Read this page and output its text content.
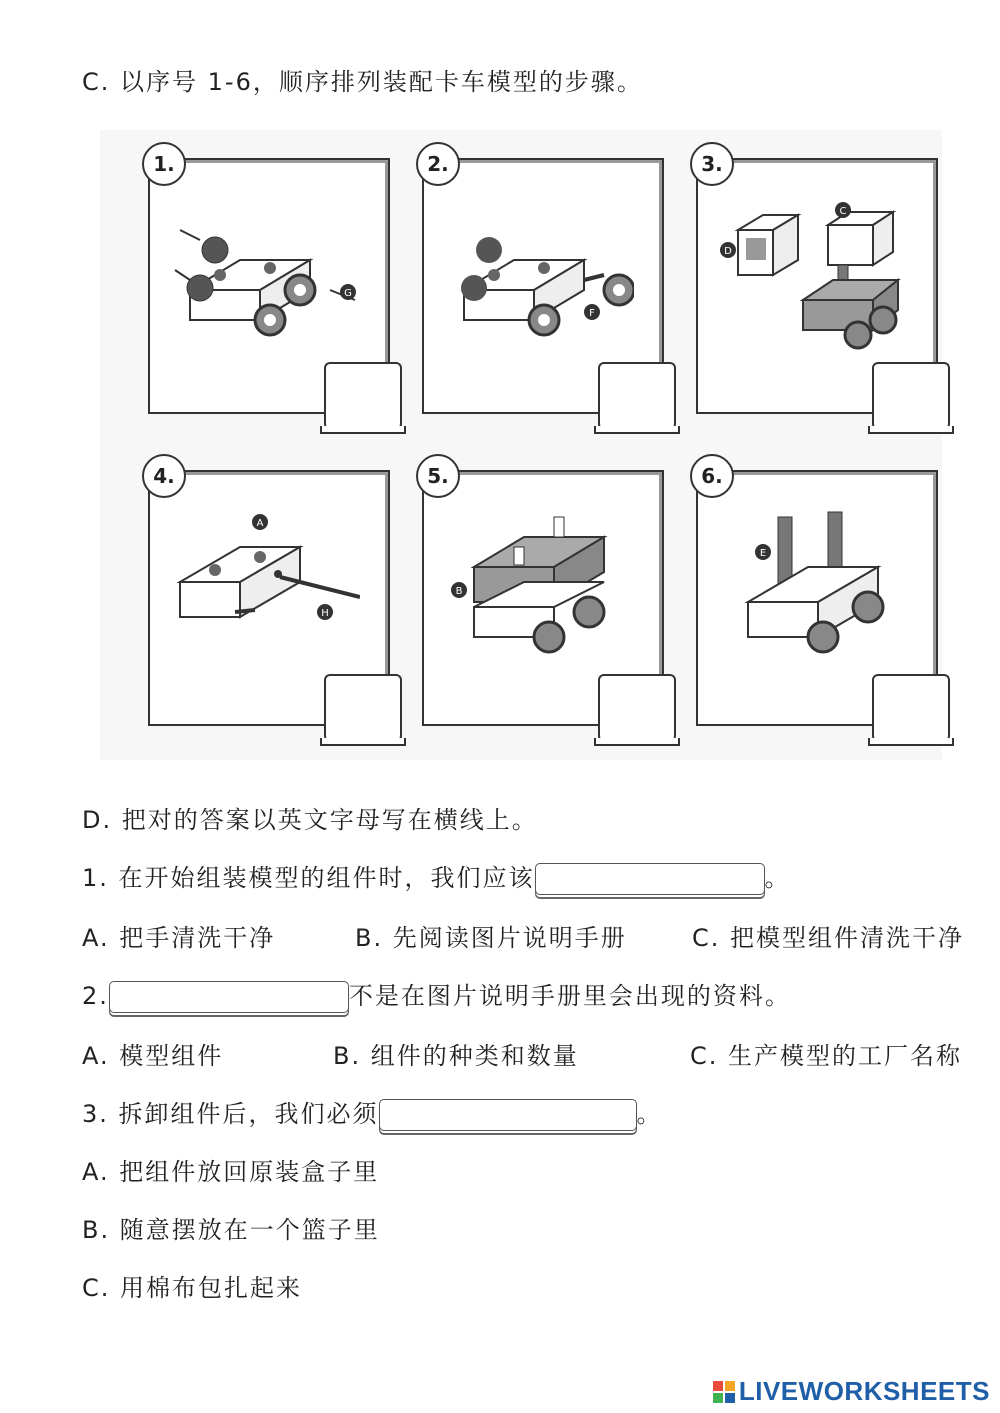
C. 以序号 1-6，顺序排列装配卡车模型的步骤。
1.
G
2.
F
3.
D
C
4.
A
H
5.
B
6.
E
D. 把对的答案以英文字母写在横线上。
1. 在开始组装模型的组件时，我们应该	。
A. 把手清洗干净	B. 先阅读图片说明手册	C. 把模型组件清洗干净
2.	不是在图片说明手册里会出现的资料。
A. 模型组件	B. 组件的种类和数量	C. 生产模型的工厂名称
3. 拆卸组件后，我们必须	。
A. 把组件放回原装盒子里
B. 随意摆放在一个篮子里
C. 用棉布包扎起来
LIVEWORKSHEETS
